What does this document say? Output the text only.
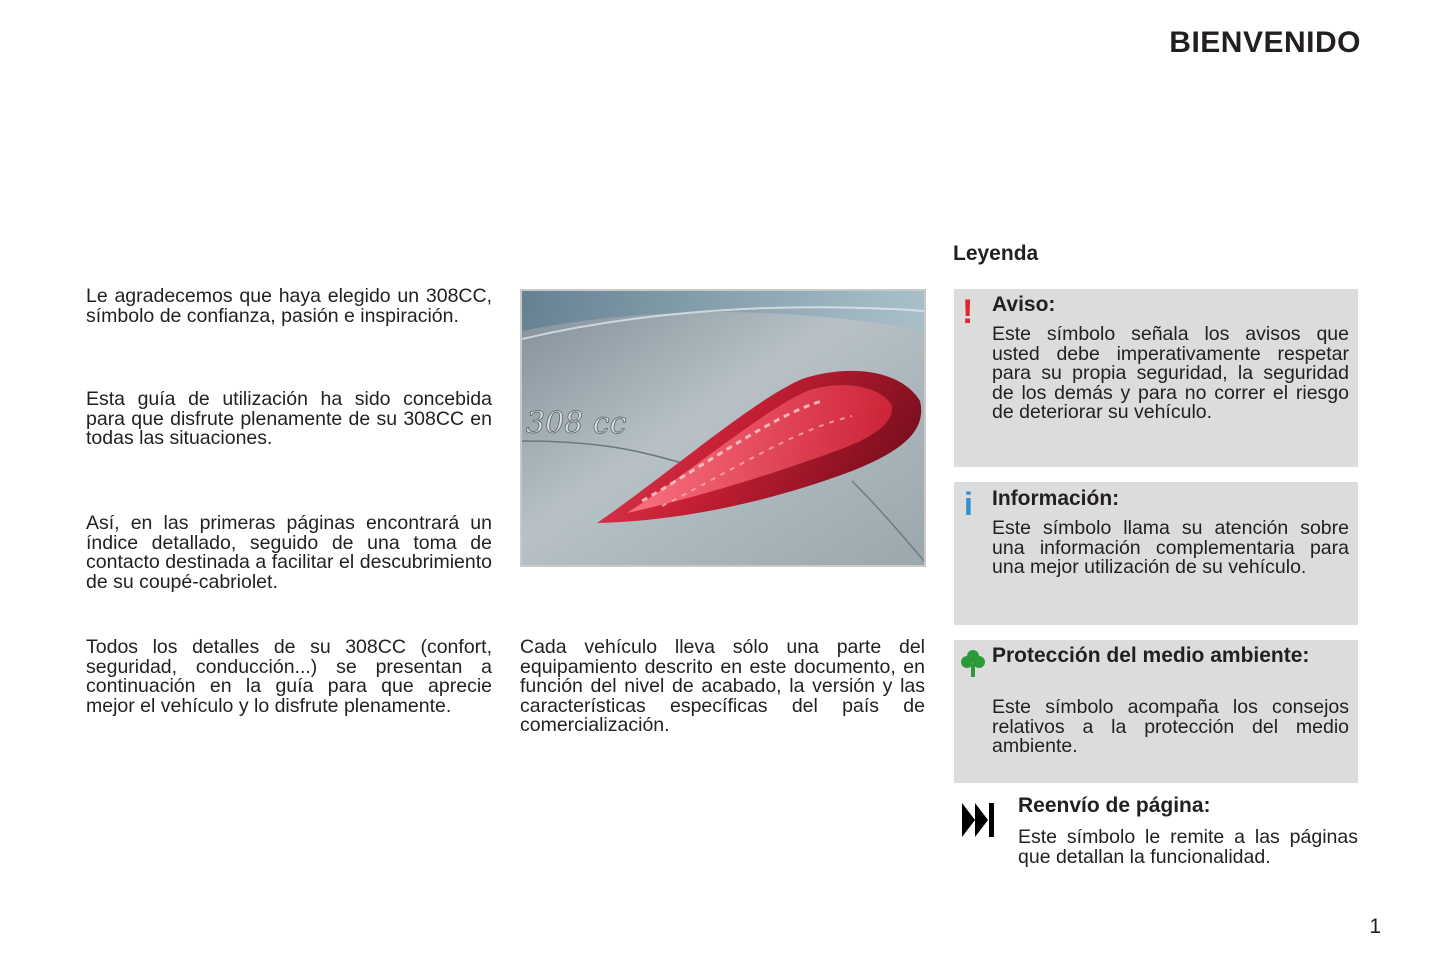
BIENVENIDO

Le agradecemos que haya elegido un 308CC, símbolo de confianza, pasión e inspiración.

Esta guía de utilización ha sido concebida para que disfrute plenamente de su 308CC en todas las situaciones.

Así, en las primeras páginas encontrará un índice detallado, seguido de una toma de contacto destinada a facilitar el descubrimiento de su coupé-cabriolet.

Todos los detalles de su 308CC (confort, seguridad, conducción...) se presentan a continuación en la guía para que aprecie mejor el vehículo y lo disfrute plenamente.

308 cc

Cada vehículo lleva sólo una parte del equipamiento descrito en este documento, en función del nivel de acabado, la versión y las características específicas del país de comercialización.

Leyenda
! Aviso:

Este símbolo señala los avisos que usted debe imperativamente respetar para su propia seguridad, la seguridad de los demás y para no correr el riesgo de deteriorar su vehículo.

i Información:

Este símbolo llama su atención sobre una información complementaria para una mejor utilización de su vehículo.

Protección del medio ambiente:

Este símbolo acompaña los consejos relativos a la protección del medio ambiente.

Reenvío de página:

Este símbolo le remite a las páginas que detallan la funcionalidad.

1
